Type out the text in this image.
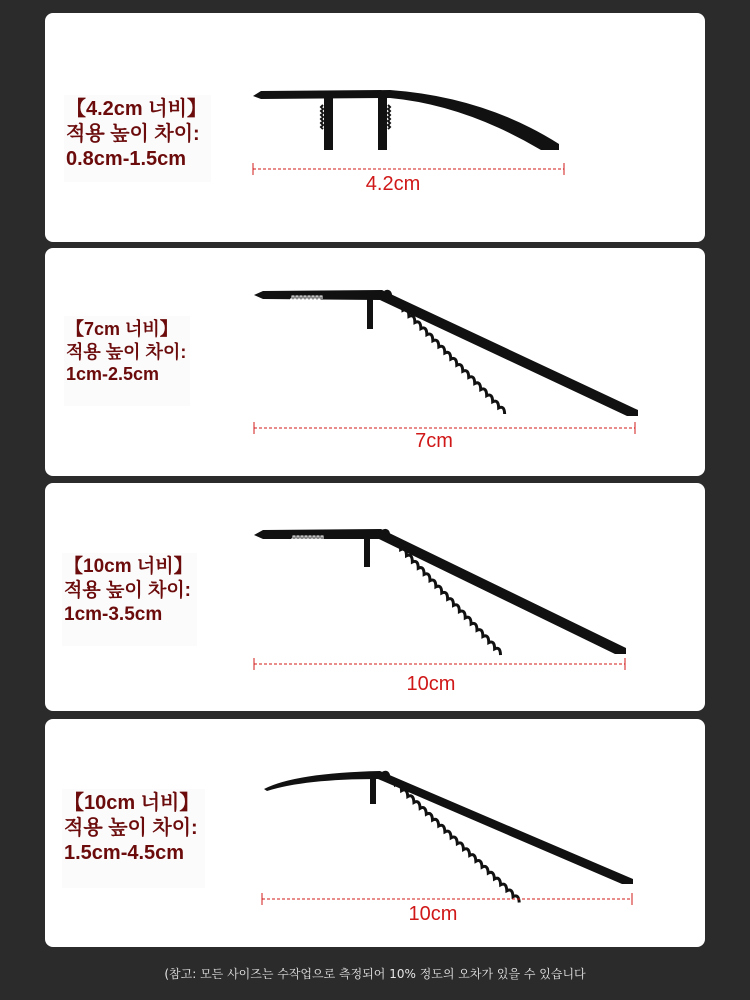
【4.2cm 너비】
적용 높이 차이:
0.8cm-1.5cm
4.2cm
【7cm 너비】
적용 높이 차이:
1cm-2.5cm
7cm
【10cm 너비】
적용 높이 차이:
1cm-3.5cm
10cm
【10cm 너비】
적용 높이 차이:
1.5cm-4.5cm
10cm
(참고: 모든 사이즈는 수작업으로 측정되어 10% 정도의 오차가 있을 수 있습니다
